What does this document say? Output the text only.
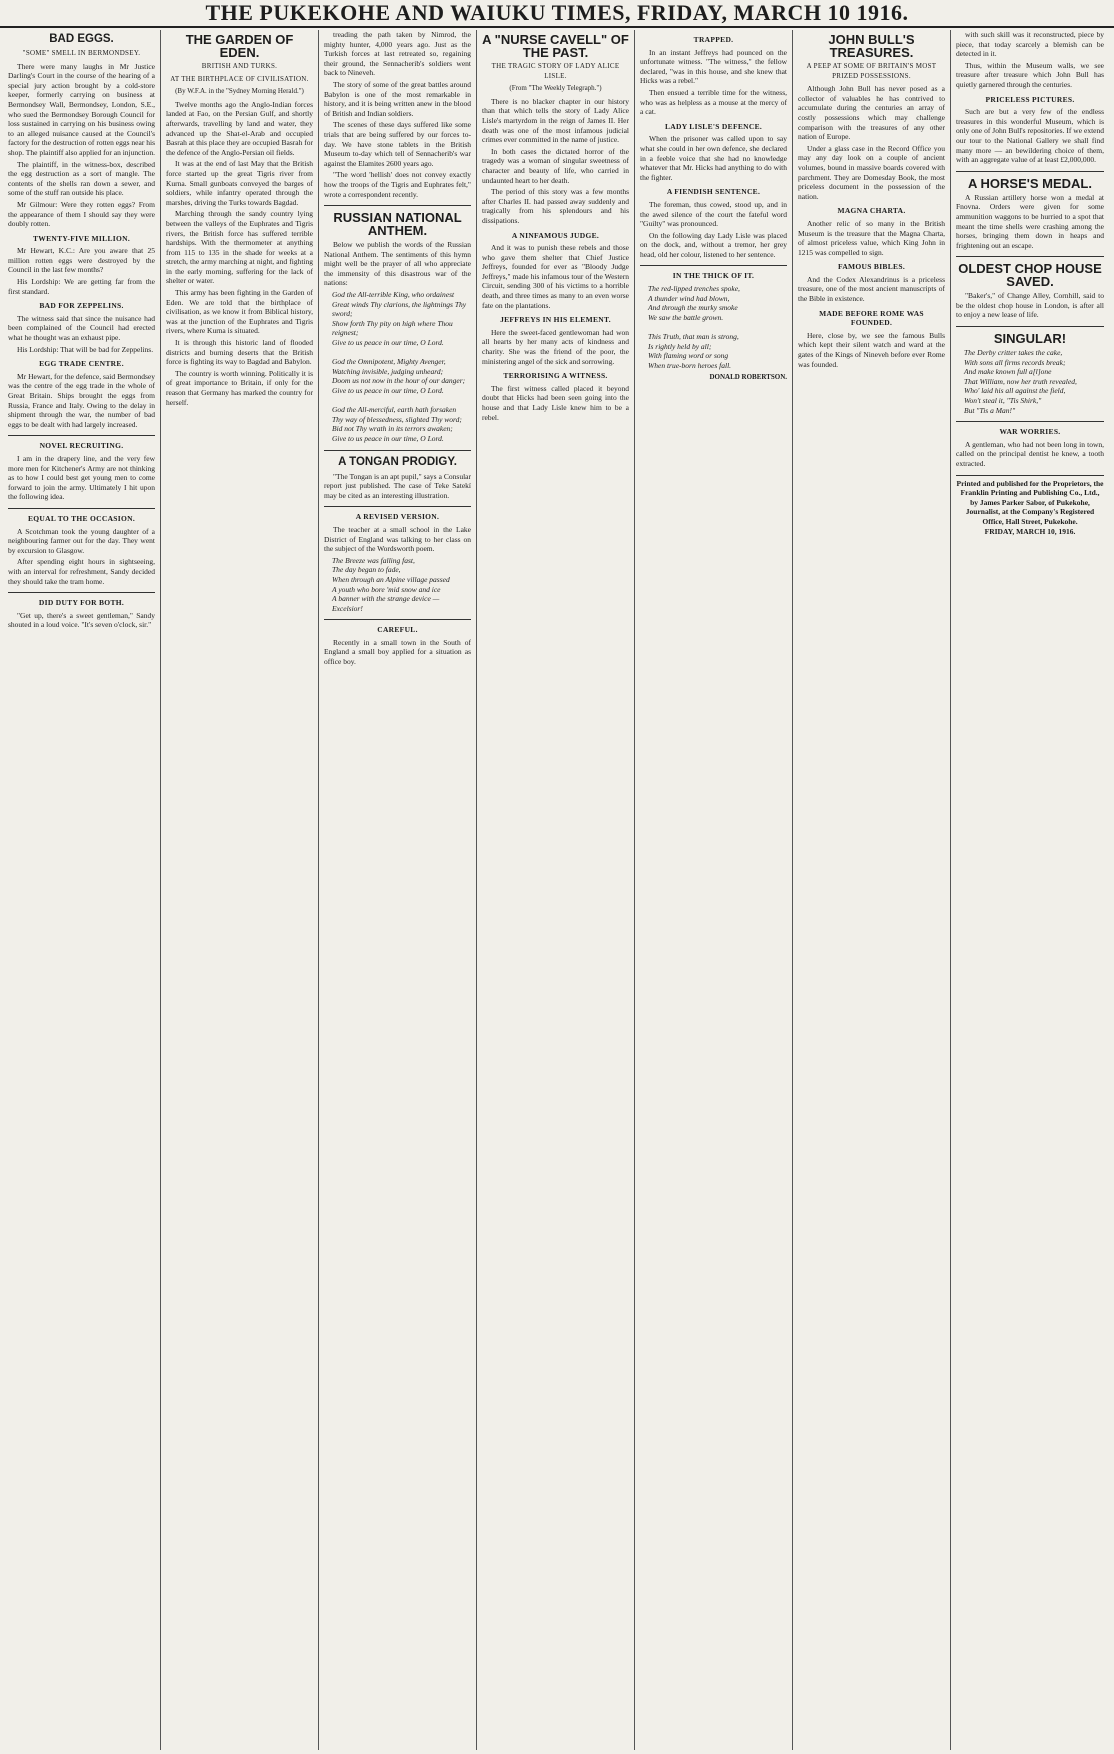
THE PUKEKOHE AND WAIUKU TIMES, FRIDAY, MARCH 10 1916.
BAD EGGS.
"SOME" SMELL IN BERMONDSEY.

There were many laughs in Mr Justice Darling's Court in the course of the hearing of a special jury action brought by a cold-store keeper, formerly carrying on business at Bermondsey Wall, Bermondsey, London, S.E., who sued the Bermondsey Borough Council for loss sustained in carrying on his business owing to an alleged nuisance caused at the Council's factory for the destruction of rotten eggs near his shop. The plaintiff also applied for an injunction.

The plaintiff, in the witness-box, described the egg destruction as a sort of mangle. The contents of the shells ran down a sewer, and some of the stuff ran outside his place.

Mr Gilmour: Were they rotten eggs? From the appearance of them I should say they were doubly rotten.

TWENTY-FIVE MILLION.

Mr Hewart, K.C.: Are you aware that 25 million rotten eggs were destroyed by the Council in the last few months?

His Lordship: We are getting far from the first standard.

BAD FOR ZEPPELINS.

The witness said that since the nuisance had been complained of the Council had erected what he thought was an exhaust pipe.

His Lordship: That will be bad for Zeppelins.

EGG TRADE CENTRE.

Mr Hewart, for the defence, said Bermondsey was the centre of the egg trade in the whole of Great Britain. Ships brought the eggs from Russia, France and Italy. Owing to the delay in shipment through the war, the number of bad eggs to be dealt with had largely increased.

NOVEL RECRUITING.

I am in the drapery line, and the very few more men for Kitchener's Army are not thinking as to how I could best get young men to come forward to join the army. Ultimately I hit upon the following idea.

EQUAL TO THE OCCASION.

A Scotchman took the young daughter of a neighbouring farmer out for the day. They went by excursion to Glasgow.

After spending eight hours in sightseeing, with an interval for refreshment, Sandy decided they should take the tram home.

DID DUTY FOR BOTH.

"Get up, there's a sweet gentleman," Sandy shouted in a loud voice. "It's seven o'clock, sir."

THE GARDEN OF EDEN.
BRITISH AND TURKS.
AT THE BIRTHPLACE OF CIVILISATION.
(By W.F.A. in the "Sydney Morning Herald.")

Twelve months ago the Anglo-Indian forces landed at Fao, on the Persian Gulf, and shortly afterwards, travelling by land and water, they advanced up the Shat-el-Arab and occupied Basrah at this place they are occupied Basrah for the defence of the Anglo-Persian oil fields.

It was at the end of last May that the British force started up the great Tigris river from Kurna. Small gunboats conveyed the barges of soldiers, while infantry operated through the marshes, driving the Turks towards Bagdad.

Marching through the sandy country lying between the valleys of the Euphrates and Tigris rivers, the British force has suffered terrible hardships. With the thermometer at anything from 115 to 135 in the shade for weeks at a stretch, the army marching at night, and fighting in the early morning, suffering for the lack of shelter or water.

This army has been fighting in the Garden of Eden. We are told that the birthplace of civilisation, as we know it from Biblical history, was at the junction of the Euphrates and Tigris rivers, where Kurna is situated.

It is through this historic land of flooded districts and burning deserts that the British force is fighting its way to Bagdad and Babylon.

The country is worth winning. Politically it is of great importance to Britain, if only for the reason that Germany has marked the country for herself.

treading the path taken by Nimrod, the mighty hunter, 4,000 years ago. Just as the Turkish forces at last retreated so, regaining their ground, the Sennacherib's soldiers went back to Nineveh.

The story of some of the great battles around Babylon is one of the most remarkable in history, and it is being written anew in the blood of British and Indian soldiers.

The scenes of these days suffered like some trials that are being suffered by our forces to-day. We have stone tablets in the British Museum to-day which tell of Sennacherib's war against the Elamites 2600 years ago.

"The word 'hellish' does not convey exactly how the troops of the Tigris and Euphrates felt," wrote a correspondent recently.

RUSSIAN NATIONAL ANTHEM.

Below we publish the words of the Russian National Anthem. The sentiments of this hymn might well be the prayer of all who appreciate the immensity of this disastrous war of the nations:

God the All-terrible King, who ordainest
Great winds Thy clarions, the lightnings Thy sword;
Show forth Thy pity on high where Thou reignest;
Give to us peace in our time, O Lord.

God the Omnipotent, Mighty Avenger,
Watching invisible, judging unheard;
Doom us not now in the hour of our danger;
Give to us peace in our time, O Lord.

God the All-merciful, earth hath forsaken
Thy way of blessedness, slighted Thy word;
Bid not Thy wrath in its terrors awaken;
Give to us peace in our time, O Lord.
A TONGAN PRODIGY.

"The Tongan is an apt pupil," says a Consular report just published. The case of Teke Satekí may be cited as an interesting illustration.

A REVISED VERSION.

The teacher at a small school in the Lake District of England was talking to her class on the subject of the Wordsworth poem.

The Breeze was falling fast,
The day began to fade,
When through an Alpine village passed
A youth who bore 'mid snow and ice
A banner with the strange device —
Excelsior!
CAREFUL.

Recently in a small town in the South of England a small boy applied for a situation as office boy.

A "NURSE CAVELL" OF THE PAST.
THE TRAGIC STORY OF LADY ALICE LISLE.
(From "The Weekly Telegraph.")

There is no blacker chapter in our history than that which tells the story of Lady Alice Lisle's martyrdom in the reign of James II. Her death was one of the most infamous judicial crimes ever committed in the name of justice.

In both cases the dictated horror of the tragedy was a woman of singular sweetness of character and beauty of life, who carried in undaunted heart to her death.

The period of this story was a few months after Charles II. had passed away suddenly and tragically from his splendours and his dissipations.

A NINFAMOUS JUDGE.

And it was to punish these rebels and those who gave them shelter that Chief Justice Jeffreys, founded for ever as "Bloody Judge Jeffreys," made his infamous tour of the Western Circuit, sending 300 of his victims to a horrible death, and three times as many to an even worse fate on the plantations.

JEFFREYS IN HIS ELEMENT.

Here the sweet-faced gentlewoman had won all hearts by her many acts of kindness and charity. She was the friend of the poor, the ministering angel of the sick and sorrowing.

TERRORISING A WITNESS.

The first witness called placed it beyond doubt that Hicks had been seen going into the house and that Lady Lisle knew him to be a rebel.

TRAPPED.

In an instant Jeffreys had pounced on the unfortunate witness. "The witness," the fellow declared, "was in this house, and she knew that Hicks was a rebel."

Then ensued a terrible time for the witness, who was as helpless as a mouse at the mercy of a cat.

LADY LISLE'S DEFENCE.

When the prisoner was called upon to say what she could in her own defence, she declared in a feeble voice that she had no knowledge whatever that Mr. Hicks had anything to do with the fighter.

A FIENDISH SENTENCE.

The foreman, thus cowed, stood up, and in the awed silence of the court the fateful word "Guilty" was pronounced.

On the following day Lady Lisle was placed on the dock, and, without a tremor, her grey head, old her colour, listened to her sentence.

IN THE THICK OF IT.
The red-lipped trenches spoke,
A thunder wind had blown,
And through the murky smoke
We saw the battle grown.

This Truth, that man is strong,
Is rightly held by all;
With flaming word or song
When true-born heroes fall.
DONALD ROBERTSON.
JOHN BULL'S TREASURES.
A PEEP AT SOME OF BRITAIN'S MOST PRIZED POSSESSIONS.

Although John Bull has never posed as a collector of valuables he has contrived to accumulate during the centuries an array of costly possessions which may challenge comparison with the treasures of any other nation of Europe.

Under a glass case in the Record Office you may any day look on a couple of ancient volumes, bound in massive boards covered with parchment. They are Domesday Book, the most priceless document in the possession of the nation.

MAGNA CHARTA.

Another relic of so many in the British Museum is the treasure that the Magna Charta, of almost priceless value, which King John in 1215 was compelled to sign.

FAMOUS BIBLES.

And the Codex Alexandrinus is a priceless treasure, one of the most ancient manuscripts of the Bible in existence.

MADE BEFORE ROME WAS FOUNDED.

Here, close by, we see the famous Bulls which kept their silent watch and ward at the gates of the Kings of Nineveh before ever Rome was founded.

with such skill was it reconstructed, piece by piece, that today scarcely a blemish can be detected in it.

Thus, within the Museum walls, we see treasure after treasure which John Bull has quietly garnered through the centuries.

PRICELESS PICTURES.

Such are but a very few of the endless treasures in this wonderful Museum, which is only one of John Bull's repositories. If we extend our tour to the National Gallery we shall find many more — an bewildering choice of them, with an aggregate value of at least £2,000,000.

A HORSE'S MEDAL.

A Russian artillery horse won a medal at Fnovna. Orders were given for some ammunition waggons to be hurried to a spot that meant the time shells were crashing among the horses, bringing them down in heaps and frightening out an escape.

OLDEST CHOP HOUSE SAVED.

"Baker's," of Change Alley, Cornhill, said to be the oldest chop house in London, is after all to enjoy a new lease of life.

SINGULAR!
The Derby critter takes the cake,
With sons all firms records break;
And make known full a[l]one
That William, now her truth revealed,
Who' laid his all against the field,
Won't steal it, "Tis Shirk,"
But "Tis a Man!"
WAR WORRIES.

A gentleman, who had not been long in town, called on the principal dentist he knew, a tooth extracted.

Printed and published for the Proprietors, the Franklin Printing and Publishing Co., Ltd., by James Parker Sabor, of Pukekohe, Journalist, at the Company's Registered Office, Hall Street, Pukekohe.
FRIDAY, MARCH 10, 1916.
